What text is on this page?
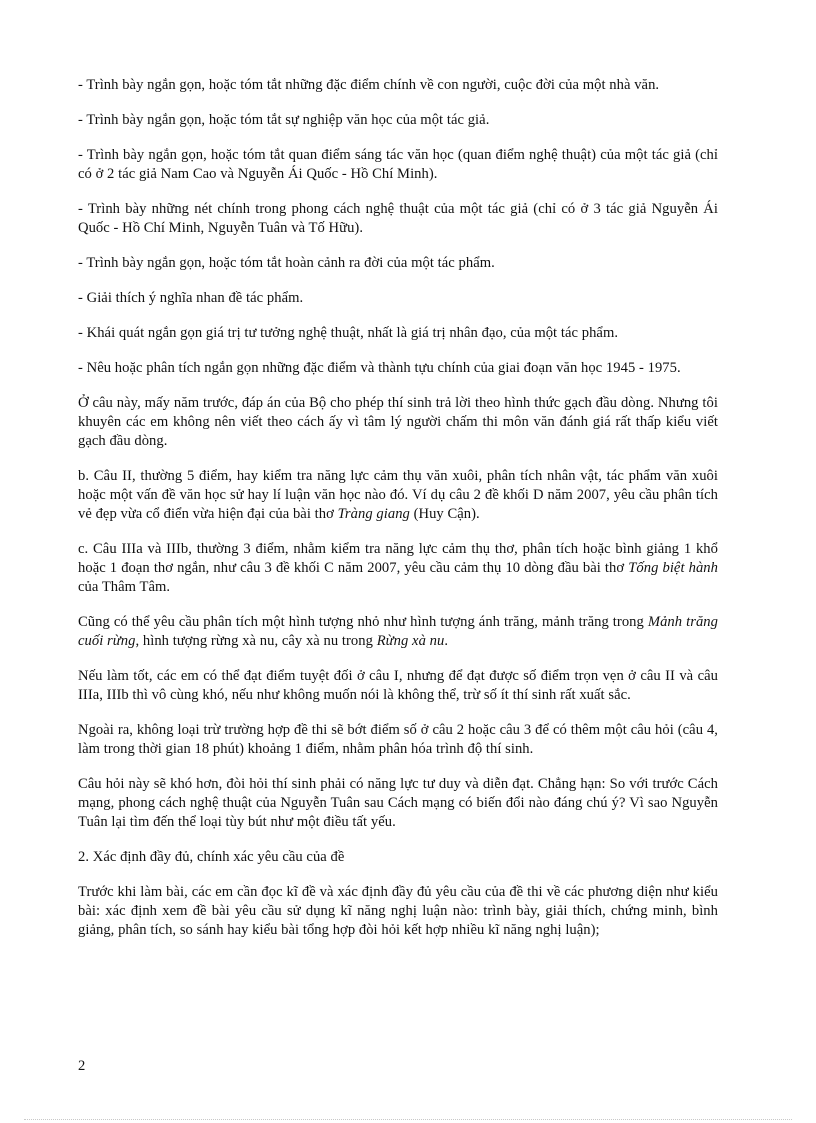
- Trình bày ngắn gọn, hoặc tóm tắt những đặc điểm chính về con người, cuộc đời của một nhà văn.

- Trình bày ngắn gọn, hoặc tóm tắt sự nghiệp văn học của một tác giả.

- Trình bày ngắn gọn, hoặc tóm tắt quan điểm sáng tác văn học (quan điểm nghệ thuật) của một tác giả (chỉ có ở 2 tác giả Nam Cao và Nguyễn Ái Quốc - Hồ Chí Minh).

- Trình bày những nét chính trong phong cách nghệ thuật của một tác giả (chỉ có ở 3 tác giả Nguyễn Ái Quốc - Hồ Chí Minh, Nguyễn Tuân và Tố Hữu).

- Trình bày ngắn gọn, hoặc tóm tắt hoàn cảnh ra đời của một tác phẩm.

- Giải thích ý nghĩa nhan đề tác phẩm.

- Khái quát ngắn gọn giá trị tư tưởng nghệ thuật, nhất là giá trị nhân đạo, của một tác phẩm.

- Nêu hoặc phân tích ngắn gọn những đặc điểm và thành tựu chính của giai đoạn văn học 1945 - 1975.

Ở câu này, mấy năm trước, đáp án của Bộ cho phép thí sinh trả lời theo hình thức gạch đầu dòng. Nhưng tôi khuyên các em không nên viết theo cách ấy vì tâm lý người chấm thi môn văn đánh giá rất thấp kiểu viết gạch đầu dòng.

b. Câu II, thường 5 điểm, hay kiểm tra năng lực cảm thụ văn xuôi, phân tích nhân vật, tác phẩm văn xuôi hoặc một vấn đề văn học sử hay lí luận văn học nào đó. Ví dụ câu 2 đề khối D năm 2007, yêu cầu phân tích vẻ đẹp vừa cổ điển vừa hiện đại của bài thơ Tràng giang (Huy Cận).

c. Câu IIIa và IIIb, thường 3 điểm, nhằm kiểm tra năng lực cảm thụ thơ, phân tích hoặc bình giảng 1 khổ hoặc 1 đoạn thơ ngắn, như câu 3 đề khối C năm 2007, yêu cầu cảm thụ 10 dòng đầu bài thơ Tống biệt hành của Thâm Tâm.

Cũng có thể yêu cầu phân tích một hình tượng nhỏ như hình tượng ánh trăng, mảnh trăng trong Mảnh trăng cuối rừng, hình tượng rừng xà nu, cây xà nu trong Rừng xà nu.

Nếu làm tốt, các em có thể đạt điểm tuyệt đối ở câu I, nhưng để đạt được số điểm trọn vẹn ở câu II và câu IIIa, IIIb thì vô cùng khó, nếu như không muốn nói là không thể, trừ số ít thí sinh rất xuất sắc.

Ngoài ra, không loại trừ trường hợp đề thi sẽ bớt điểm số ở câu 2 hoặc câu 3 để có thêm một câu hỏi (câu 4, làm trong thời gian 18 phút) khoảng 1 điểm, nhằm phân hóa trình độ thí sinh.

Câu hỏi này sẽ khó hơn, đòi hỏi thí sinh phải có năng lực tư duy và diễn đạt. Chẳng hạn: So với trước Cách mạng, phong cách nghệ thuật của Nguyễn Tuân sau Cách mạng có biến đổi nào đáng chú ý? Vì sao Nguyễn Tuân lại tìm đến thể loại tùy bút như một điều tất yếu.

2. Xác định đầy đủ, chính xác yêu cầu của đề

Trước khi làm bài, các em cần đọc kĩ đề và xác định đầy đủ yêu cầu của đề thi về các phương diện như kiểu bài: xác định xem đề bài yêu cầu sử dụng kĩ năng nghị luận nào: trình bày, giải thích, chứng minh, bình giảng, phân tích, so sánh hay kiểu bài tổng hợp đòi hỏi kết hợp nhiều kĩ năng nghị luận);

2
